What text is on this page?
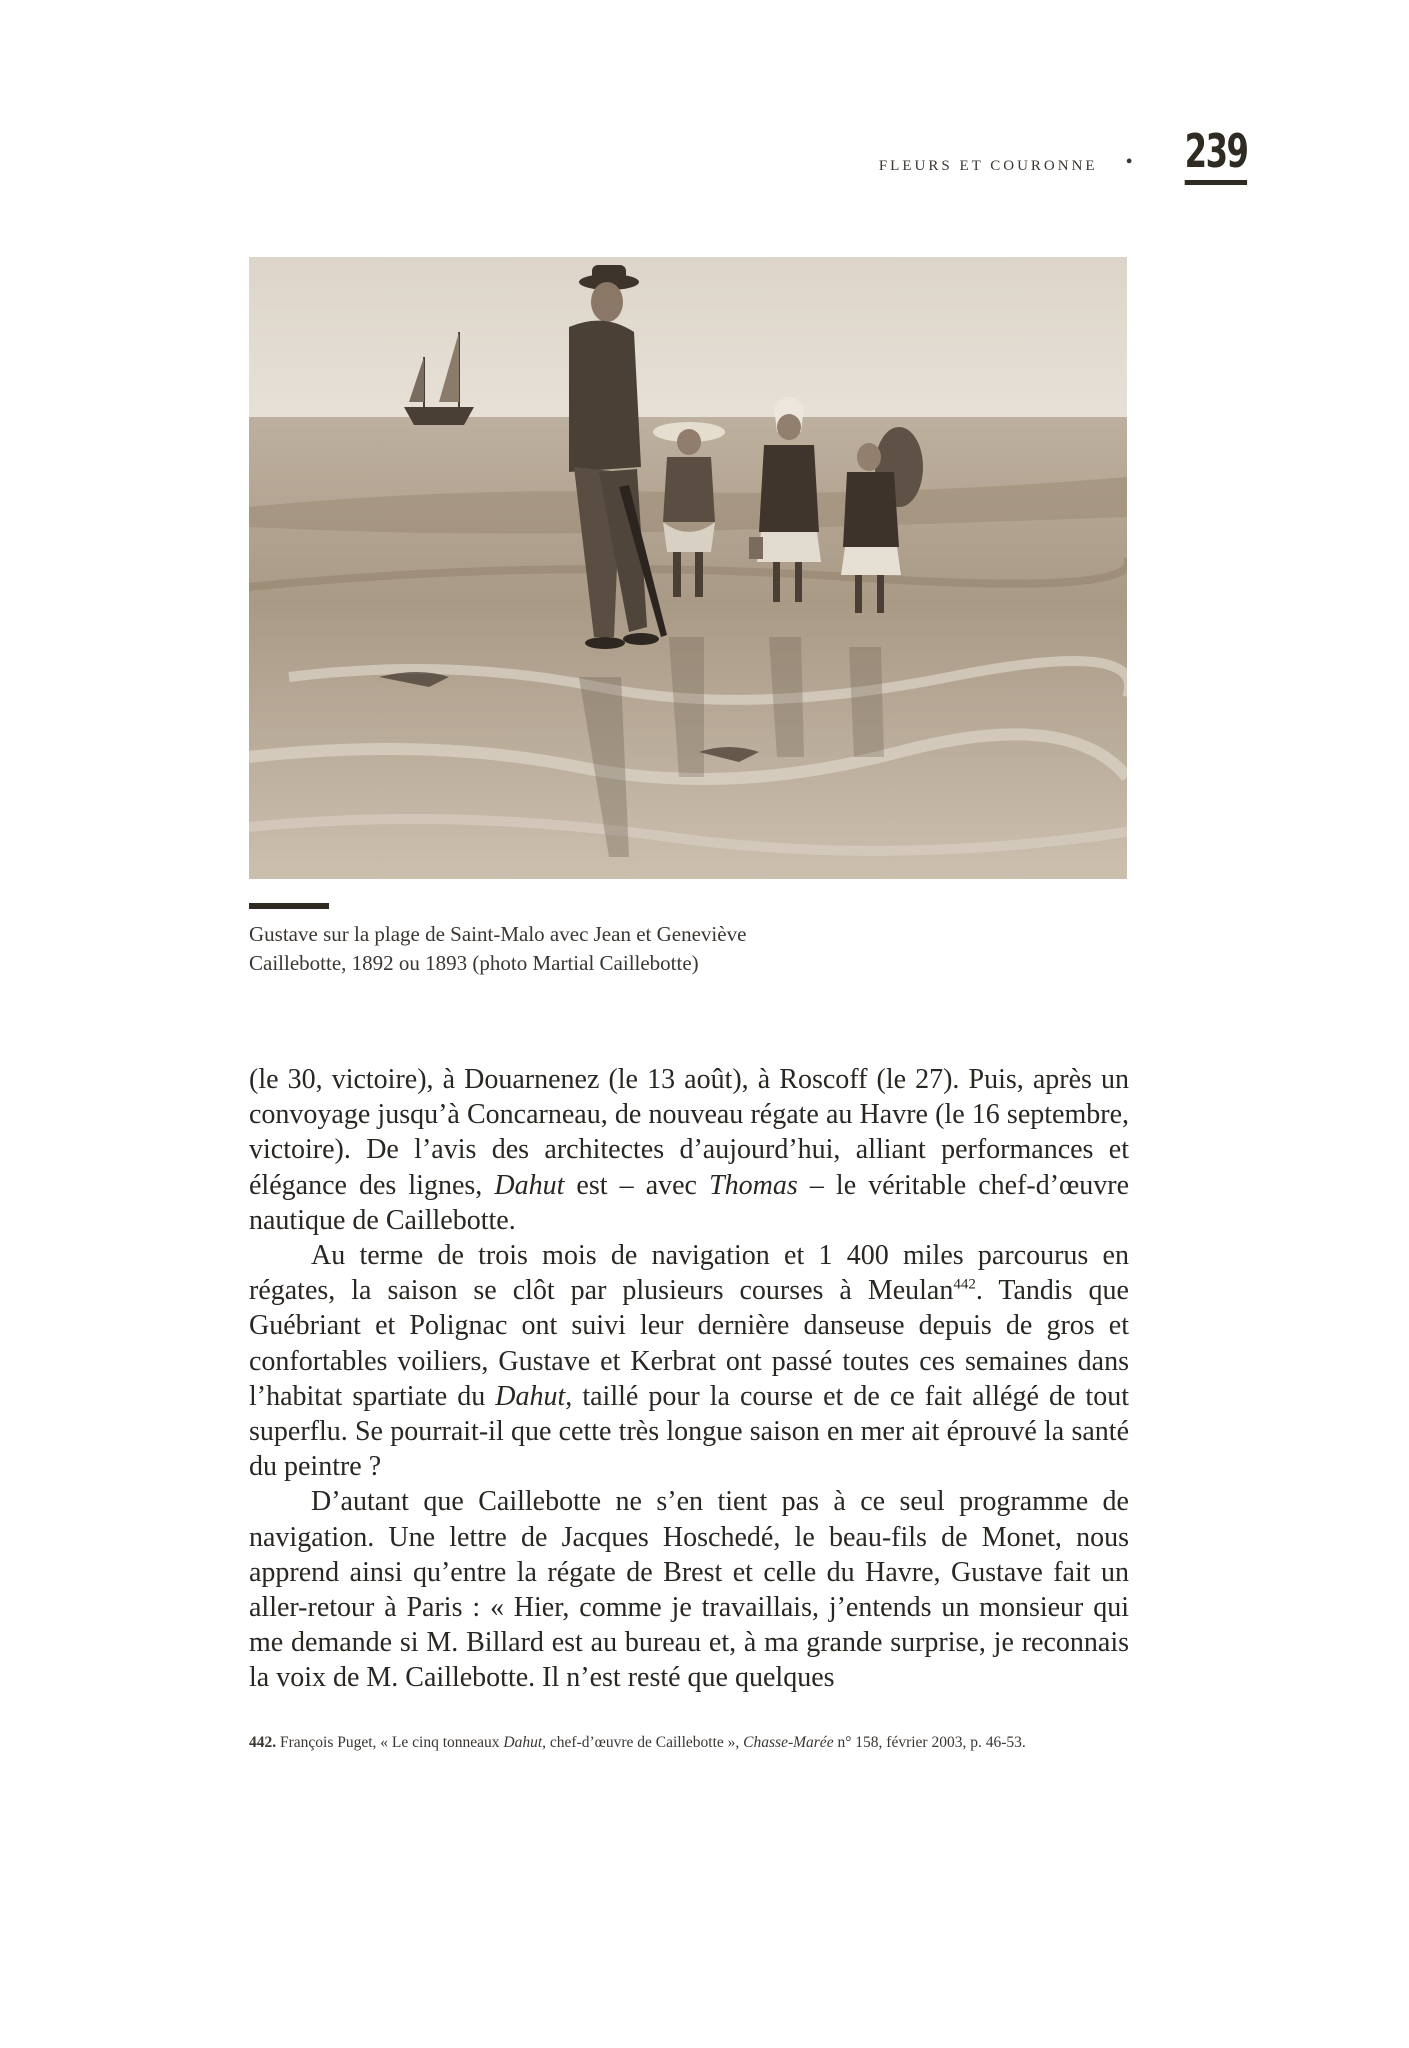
FLEURS ET COURONNE • 239
Gustave sur la plage de Saint-Malo avec Jean et Geneviève
Caillebotte, 1892 ou 1893 (photo Martial Caillebotte)

(le 30, victoire), à Douarnenez (le 13 août), à Roscoff (le 27). Puis, après un convoyage jusqu’à Concarneau, de nouveau régate au Havre (le 16 septembre, victoire). De l’avis des architectes d’aujourd’hui, alliant performances et élégance des lignes, Dahut est – avec Thomas – le véritable chef-d’œuvre nautique de Caillebotte.

Au terme de trois mois de navigation et 1 400 miles parcourus en régates, la saison se clôt par plusieurs courses à Meulan$^{442}$. Tandis que Guébriant et Polignac ont suivi leur dernière danseuse depuis de gros et confortables voiliers, Gustave et Kerbrat ont passé toutes ces semaines dans l’habitat spartiate du Dahut, taillé pour la course et de ce fait allégé de tout superflu. Se pourrait-il que cette très longue saison en mer ait éprouvé la santé du peintre ?

D’autant que Caillebotte ne s’en tient pas à ce seul programme de navigation. Une lettre de Jacques Hoschedé, le beau-fils de Monet, nous apprend ainsi qu’entre la régate de Brest et celle du Havre, Gustave fait un aller-retour à Paris : « Hier, comme je travaillais, j’entends un monsieur qui me demande si M. Billard est au bureau et, à ma grande surprise, je reconnais la voix de M. Caillebotte. Il n’est resté que quelques

442. François Puget, « Le cinq tonneaux Dahut, chef-d’œuvre de Caillebotte », Chasse-Marée n° 158, février 2003, p. 46-53.
